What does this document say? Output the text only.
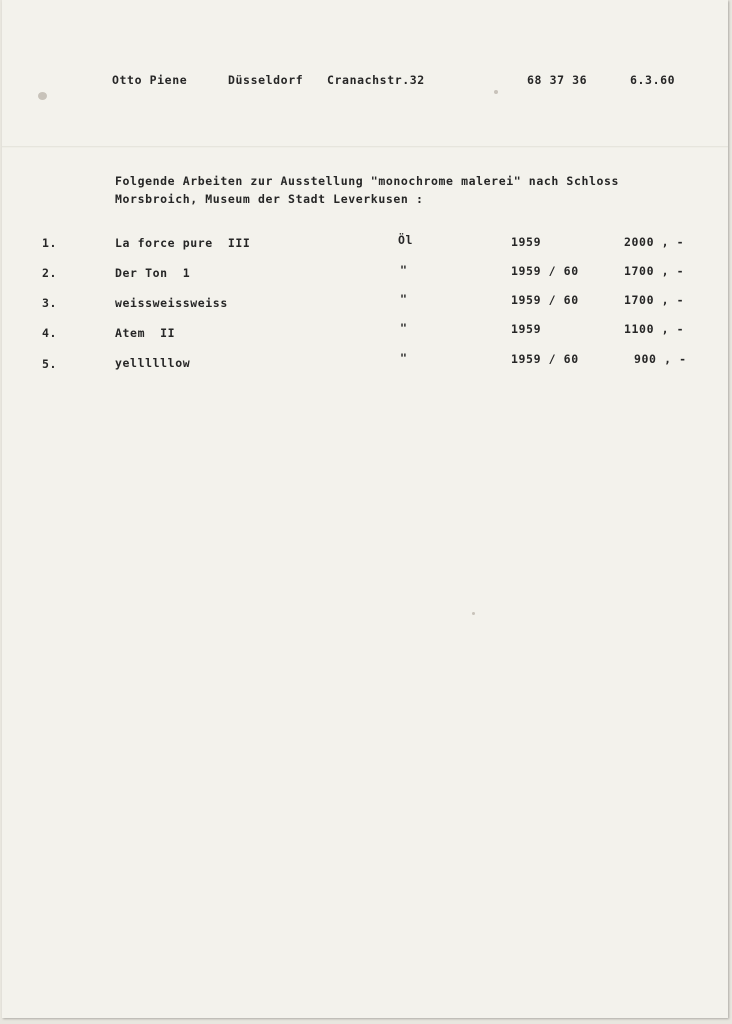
Otto Piene	Düsseldorf Cranachstr.32	68 37 36	6.3.60
Folgende Arbeiten zur Ausstellung "monochrome malerei" nach Schloss
Morsbroich, Museum der Stadt Leverkusen :
1.	La force pure  III	Öl	1959	2000 , -
2.	Der Ton  1	"	1959 / 60	1700 , -
3.	weissweissweiss	"	1959 / 60	1700 , -
4.	Atem  II	"	1959	1100 , -
5.	yellllllow	"	1959 / 60	900 , -
